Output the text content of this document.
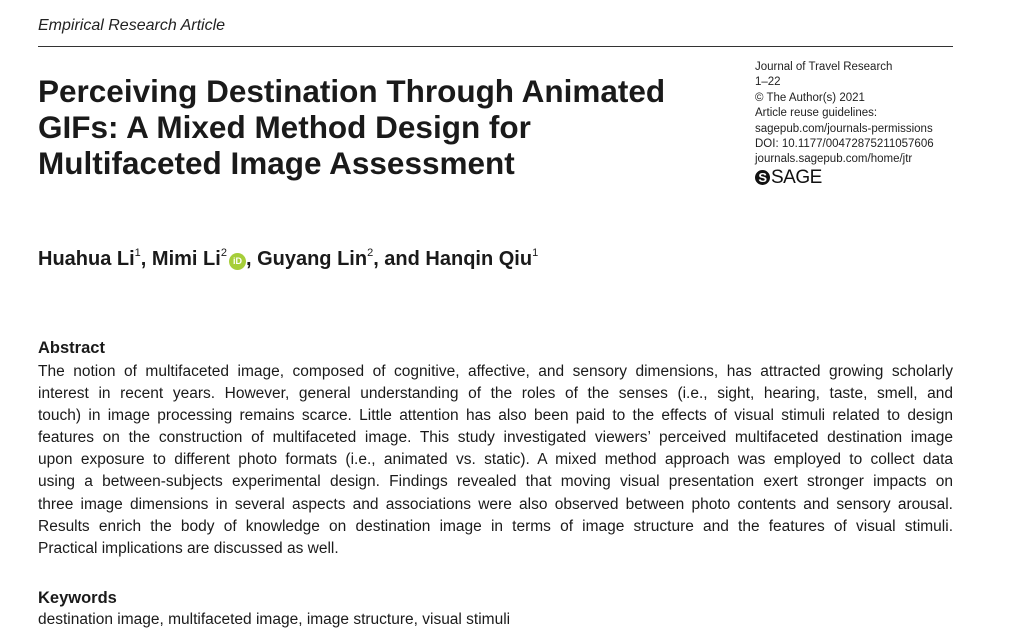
Empirical Research Article
Perceiving Destination Through Animated
GIFs: A Mixed Method Design for
Multifaceted Image Assessment
Journal of Travel Research
1–22
© The Author(s) 2021
Article reuse guidelines:
sagepub.com/journals-permissions
DOI: 10.1177/00472875211057606
journals.sagepub.com/home/jtr
S SAGE
Huahua Li$^1$, Mimi Li$^2$iD , Guyang Lin$^2$, and Hanqin Qiu$^1$
Abstract
The notion of multifaceted image, composed of cognitive, affective, and sensory dimensions, has attracted growing scholarly
interest in recent years. However, general understanding of the roles of the senses (i.e., sight, hearing, taste, smell, and
touch) in image processing remains scarce. Little attention has also been paid to the effects of visual stimuli related to design
features on the construction of multifaceted image. This study investigated viewers’ perceived multifaceted destination image
upon exposure to different photo formats (i.e., animated vs. static). A mixed method approach was employed to collect data
using a between-subjects experimental design. Findings revealed that moving visual presentation exert stronger impacts on
three image dimensions in several aspects and associations were also observed between photo contents and sensory arousal.
Results enrich the body of knowledge on destination image in terms of image structure and the features of visual stimuli.
Practical implications are discussed as well.
Keywords
destination image, multifaceted image, image structure, visual stimuli
